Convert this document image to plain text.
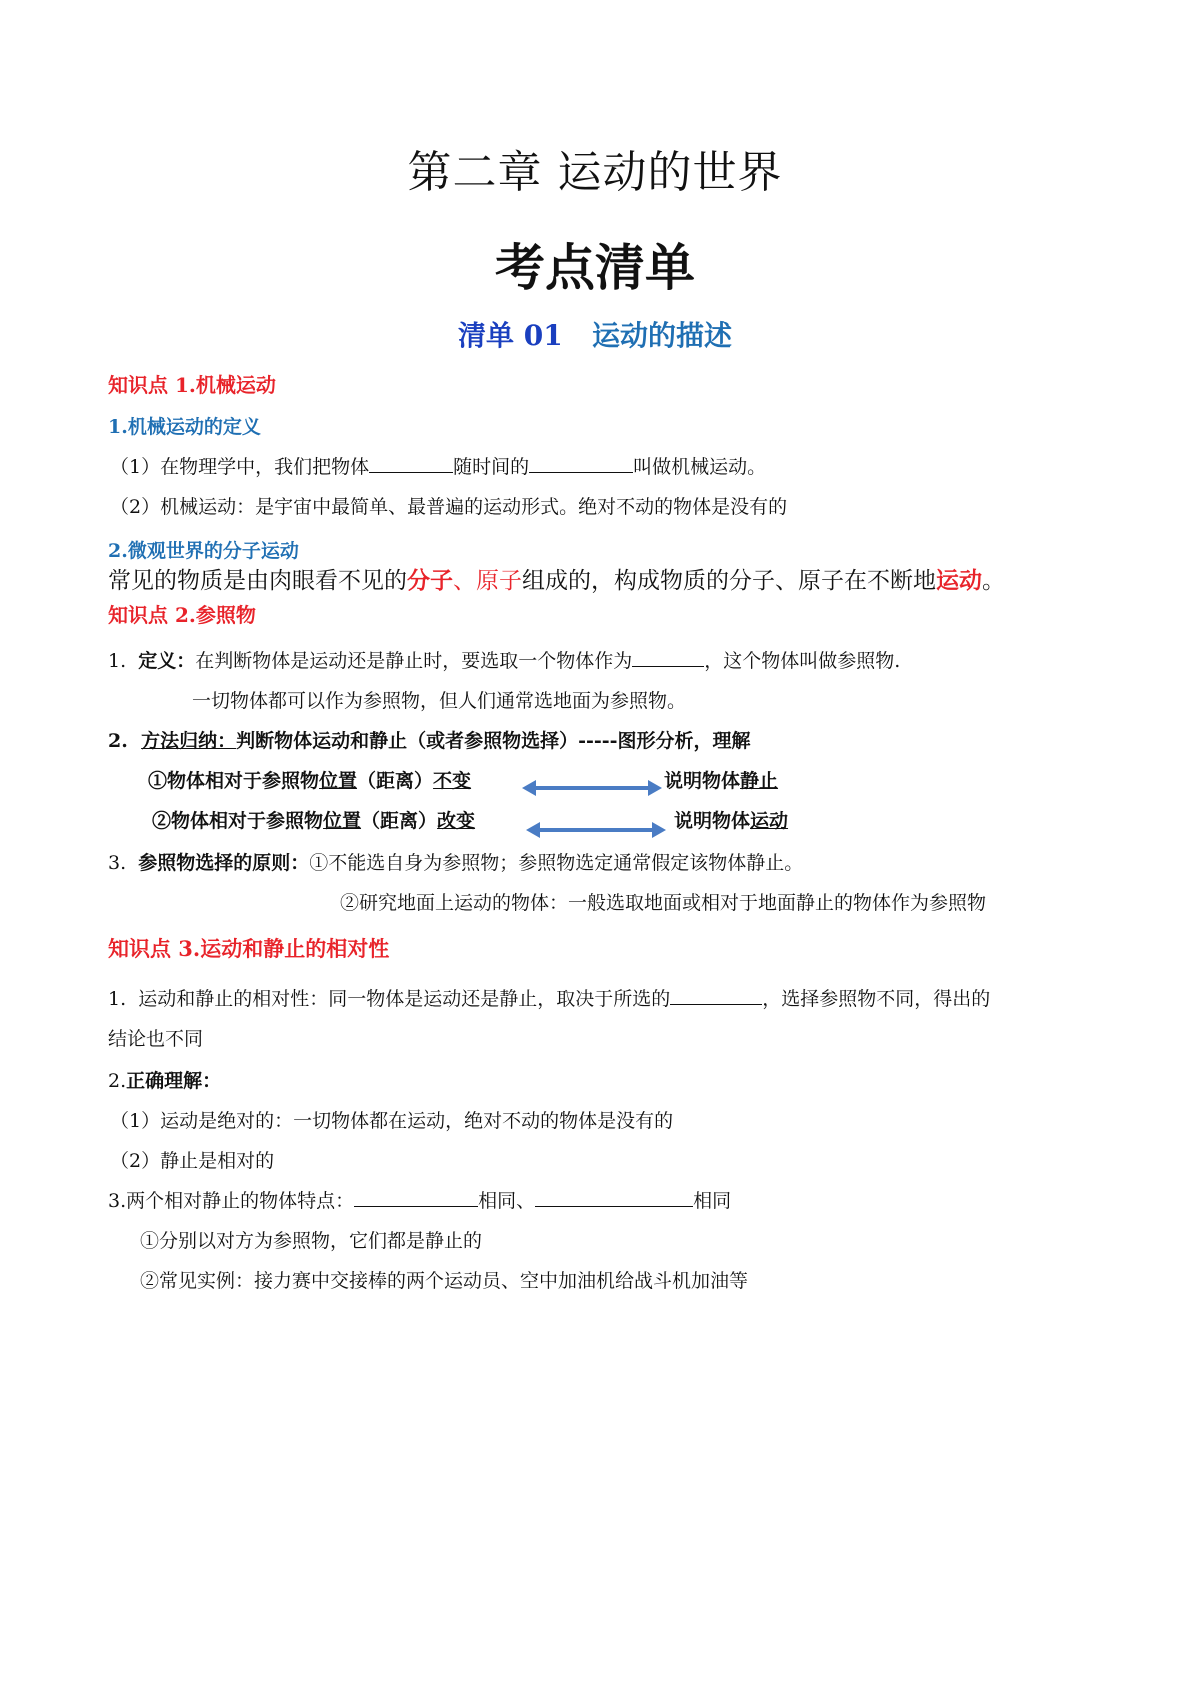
第二章 运动的世界
考点清单
清单 01 运动的描述
知识点 1.机械运动
1.机械运动的定义
（1）在物理学中，我们把物体	随时间的	叫做机械运动。
（2）机械运动：是宇宙中最简单、最普遍的运动形式。绝对不动的物体是没有的
2.微观世界的分子运动
常见的物质是由肉眼看不见的分子、原子组成的，构成物质的分子、原子在不断地运动。
知识点 2.参照物
1. 定义：在判断物体是运动还是静止时，要选取一个物体作为	，这个物体叫做参照物.
一切物体都可以作为参照物，但人们通常选地面为参照物。
2. 方法归纳：判断物体运动和静止（或者参照物选择）-----图形分析，理解
①物体相对于参照物位置（距离）不变	说明物体静止
②物体相对于参照物位置（距离）改变	说明物体运动
3. 参照物选择的原则：①不能选自身为参照物；参照物选定通常假定该物体静止。
②研究地面上运动的物体：一般选取地面或相对于地面静止的物体作为参照物
知识点 3.运动和静止的相对性
1. 运动和静止的相对性：同一物体是运动还是静止，取决于所选的	，选择参照物不同，得出的
结论也不同
2.正确理解：
（1）运动是绝对的：一切物体都在运动，绝对不动的物体是没有的
（2）静止是相对的
3.两个相对静止的物体特点：	相同、	相同
①分别以对方为参照物，它们都是静止的
②常见实例：接力赛中交接棒的两个运动员、空中加油机给战斗机加油等
